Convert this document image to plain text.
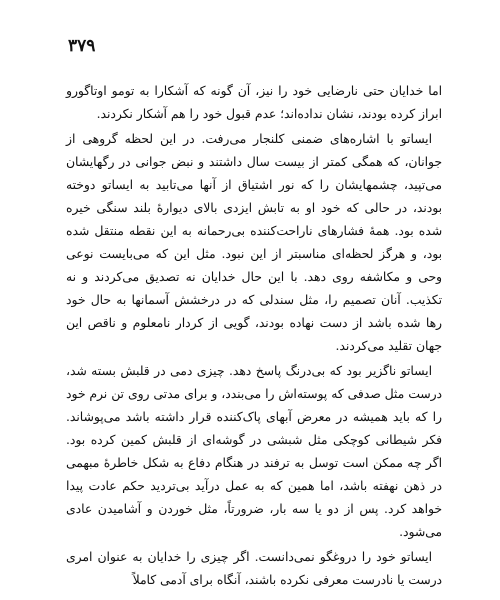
۳۷۹

اما خدایان حتی نارضایی خود را نیز، آن گونه که آشکارا به تومو اوتاگورو ابراز کرده بودند، نشان نداده‌اند؛ عدم قبول خود را هم آشکار نکردند.

ایساتو با اشاره‌های ضمنی کلنجار می‌رفت. در این لحظه گروهی از جوانان، که همگی کمتر از بیست سال داشتند و نبض جوانی در رگهایشان می‌تپید، چشمهایشان را که نور اشتیاق از آنها می‌تابید به ایساتو دوخته بودند، در حالی که خود او به تابش ایزدی بالای دیوارهٔ بلند سنگی خیره شده بود. همهٔ فشارهای ناراحت‌کننده بی‌رحمانه به این نقطه منتقل شده بود، و هرگز لحظه‌ای مناسبتر از این نبود. مثل این که می‌بایست نوعی وحی و مکاشفه روی دهد. با این حال خدایان نه تصدیق می‌کردند و نه تکذیب. آنان تصمیم را، مثل سندلی که در درخشش آسمانها به حال خود رها شده باشد از دست نهاده بودند، گویی از کردار نامعلوم و ناقص این جهان تقلید می‌کردند.

ایساتو ناگزیر بود که بی‌درنگ پاسخ دهد. چیزی دمی در قلبش بسته شد، درست مثل صدفی که پوسته‌اش را می‌بندد، و برای مدتی روی تن نرم خود را که باید همیشه در معرض آبهای پاک‌کننده قرار داشته باشد می‌پوشاند. فکر شیطانی کوچکی مثل شبشی در گوشه‌ای از قلبش کمین کرده بود. اگر چه ممکن است توسل به ترفند در هنگام دفاع به شکل خاطرهٔ مبهمی در ذهن نهفته باشد، اما همین که به عمل درآید بی‌تردید حکم عادت پیدا خواهد کرد. پس از دو یا سه بار، ضرورتاً، مثل خوردن و آشامیدن عادی می‌شود.

ایساتو خود را دروغگو نمی‌دانست. اگر چیزی را خدایان به عنوان امری درست یا نادرست معرفی نکرده باشند، آنگاه برای آدمی کاملاً
